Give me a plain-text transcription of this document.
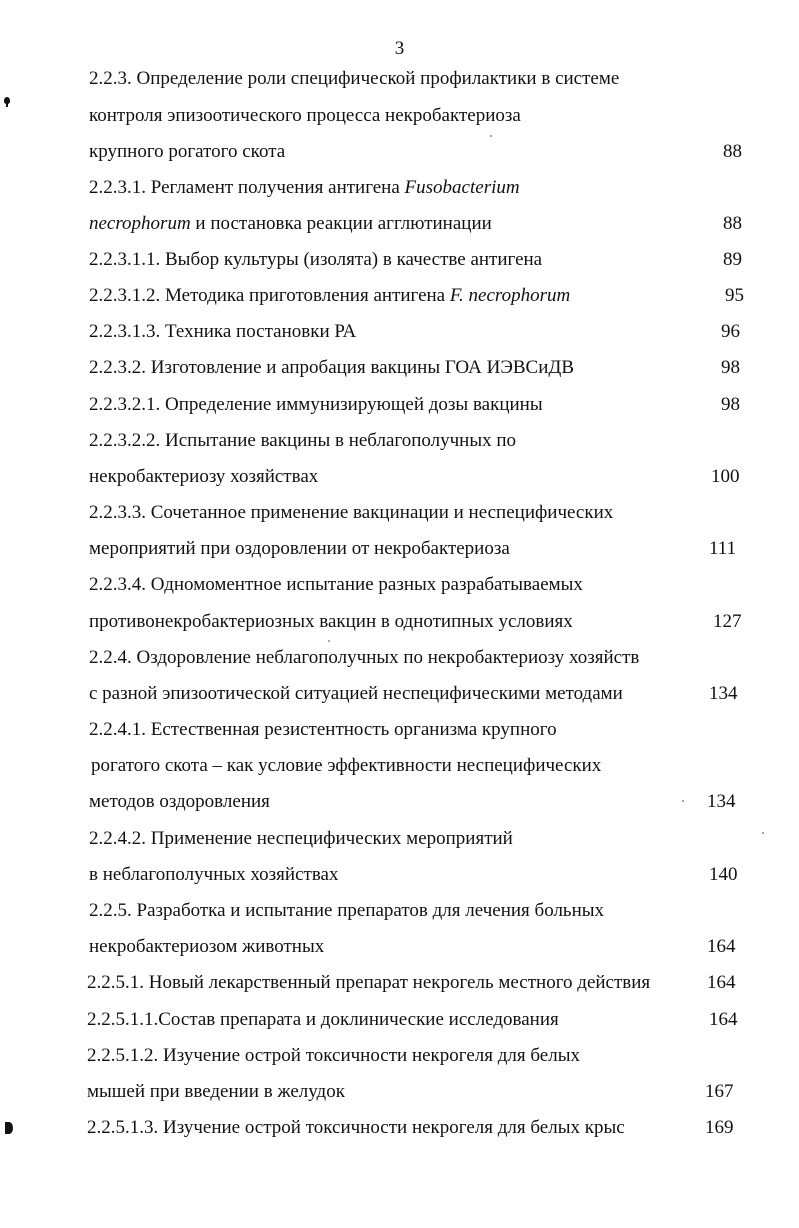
3
2.2.3. Определение роли специфической профилактики в системе
контроля эпизоотического процесса некробактериоза
крупного рогатого скота	88
2.2.3.1. Регламент получения антигена Fusobacterium
necrophorum и постановка реакции агглютинации	88
2.2.3.1.1. Выбор культуры (изолята) в качестве антигена	89
2.2.3.1.2. Методика приготовления антигена F. necrophorum	95
2.2.3.1.3. Техника постановки РА	96
2.2.3.2. Изготовление и апробация вакцины ГОА ИЭВСиДВ	98
2.2.3.2.1. Определение иммунизирующей дозы вакцины	98
2.2.3.2.2. Испытание вакцины в неблагополучных по
некробактериозу хозяйствах	100
2.2.3.3. Сочетанное применение вакцинации и неспецифических
мероприятий при оздоровлении от некробактериоза	111
2.2.3.4. Одномоментное испытание разных разрабатываемых
противонекробактериозных вакцин в однотипных условиях	127
2.2.4. Оздоровление неблагополучных по некробактериозу хозяйств
с разной эпизоотической ситуацией неспецифическими методами	134
2.2.4.1. Естественная резистентность организма крупного
рогатого скота – как условие эффективности неспецифических
методов оздоровления	134
2.2.4.2. Применение неспецифических мероприятий
в неблагополучных хозяйствах	140
2.2.5. Разработка и испытание препаратов для лечения больных
некробактериозом животных	164
2.2.5.1. Новый лекарственный препарат некрогель местного действия	164
2.2.5.1.1.Состав препарата и доклинические исследования	164
2.2.5.1.2. Изучение острой токсичности некрогеля для белых
мышей при введении в желудок	167
2.2.5.1.3. Изучение острой токсичности некрогеля для белых крыс	169
